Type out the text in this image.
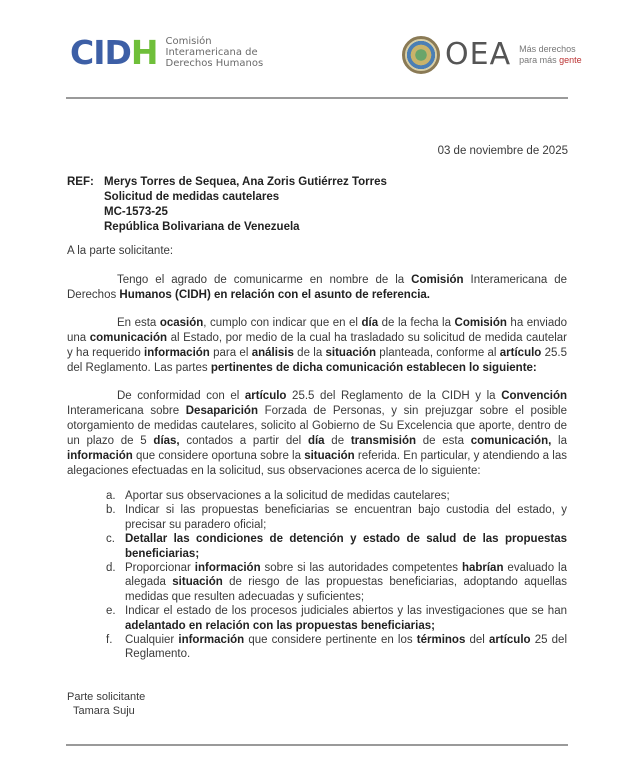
CIDH Comisión
Interamericana de
Derechos Humanos	OEA Más derechos
para más gente
03 de noviembre de 2025
REF: Merys Torres de Sequea, Ana Zoris Gutiérrez Torres
Solicitud de medidas cautelares
MC-1573-25
República Bolivariana de Venezuela
A la parte solicitante:

Tengo el agrado de comunicarme en nombre de la Comisión Interamericana de Derechos Humanos (CIDH) en relación con el asunto de referencia.

En esta ocasión, cumplo con indicar que en el día de la fecha la Comisión ha enviado una comunicación al Estado, por medio de la cual ha trasladado su solicitud de medida cautelar y ha requerido información para el análisis de la situación planteada, conforme al artículo 25.5 del Reglamento. Las partes pertinentes de dicha comunicación establecen lo siguiente:

De conformidad con el artículo 25.5 del Reglamento de la CIDH y la Convención Interamericana sobre Desaparición Forzada de Personas, y sin prejuzgar sobre el posible otorgamiento de medidas cautelares, solicito al Gobierno de Su Excelencia que aporte, dentro de un plazo de 5 días, contados a partir del día de transmisión de esta comunicación, la información que considere oportuna sobre la situación referida. En particular, y atendiendo a las alegaciones efectuadas en la solicitud, sus observaciones acerca de lo siguiente:

a. Aportar sus observaciones a la solicitud de medidas cautelares;
b. Indicar si las propuestas beneficiarias se encuentran bajo custodia del estado, y precisar su paradero oficial;
c. Detallar las condiciones de detención y estado de salud de las propuestas beneficiarias;
d. Proporcionar información sobre si las autoridades competentes habrían evaluado la alegada situación de riesgo de las propuestas beneficiarias, adoptando aquellas medidas que resulten adecuadas y suficientes;
e. Indicar el estado de los procesos judiciales abiertos y las investigaciones que se han adelantado en relación con las propuestas beneficiarias;
f. Cualquier información que considere pertinente en los términos del artículo 25 del Reglamento.
Parte solicitante
Tamara Suju
